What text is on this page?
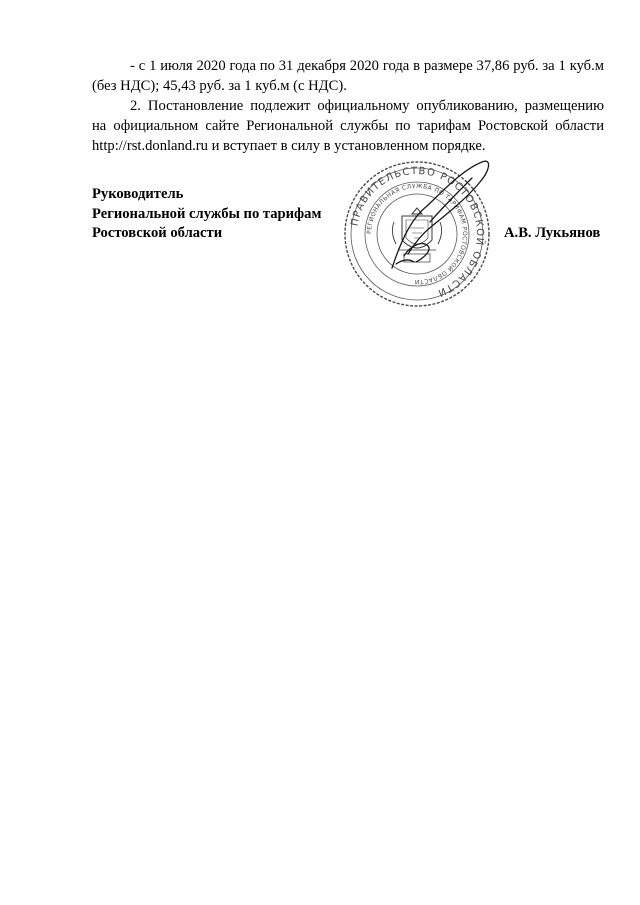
- с 1 июля 2020 года по 31 декабря 2020 года в размере 37,86 руб. за 1 куб.м (без НДС); 45,43 руб. за 1 куб.м (с НДС).

2. Постановление подлежит официальному опубликованию, размещению на официальном сайте Региональной службы по тарифам Ростовской области http://rst.donland.ru и вступает в силу в установленном порядке.

Руководитель
Региональной службы по тарифам
Ростовской области	А.В. Лукьянов
ПРАВИТЕЛЬСТВО РОСТОВСКОЙ ОБЛАСТИ
РЕГИОНАЛЬНАЯ СЛУЖБА ПО ТАРИФАМ РОСТОВСКОЙ ОБЛАСТИ
